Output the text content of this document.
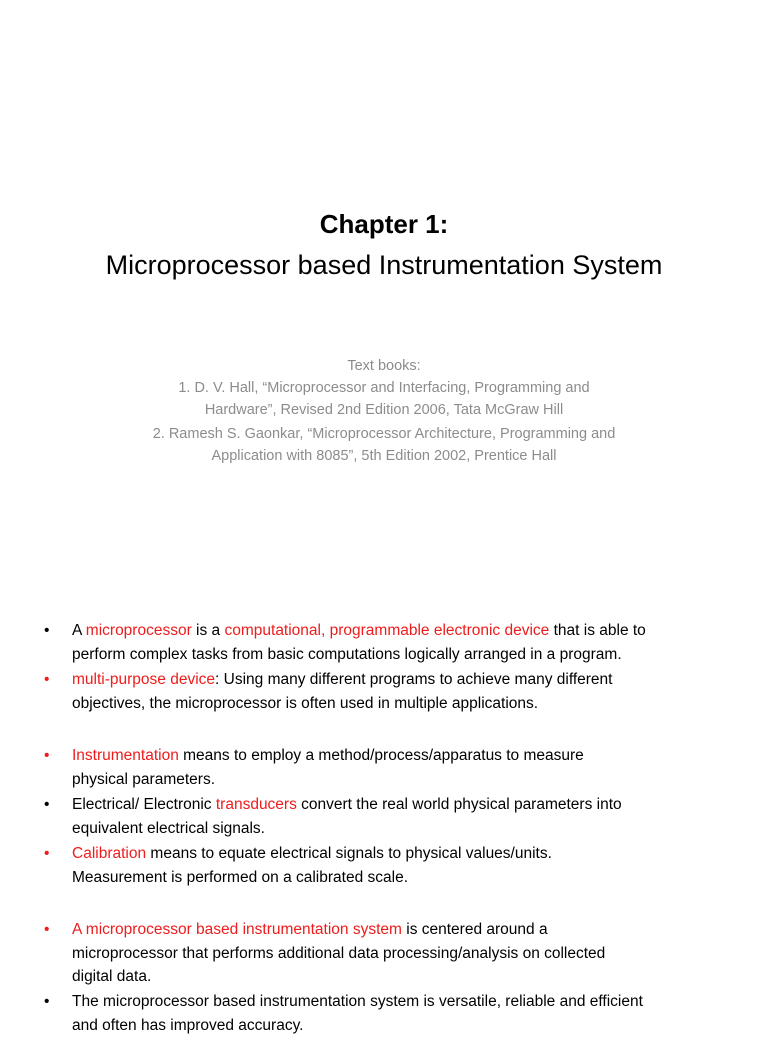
Chapter 1:
Microprocessor based Instrumentation System
Text books:
1. D. V. Hall, “Microprocessor and Interfacing, Programming and
Hardware”, Revised 2nd Edition 2006, Tata McGraw Hill
2. Ramesh S. Gaonkar, “Microprocessor Architecture, Programming and
Application with 8085”, 5th Edition 2002, Prentice Hall
•	A microprocessor is a computational, programmable electronic device that is able to
perform complex tasks from basic computations logically arranged in a program.
•	multi-purpose device: Using many different programs to achieve many different
objectives, the microprocessor is often used in multiple applications.
•	Instrumentation means to employ a method/process/apparatus to measure
physical parameters.
•	Electrical/ Electronic transducers convert the real world physical parameters into
equivalent electrical signals.
•	Calibration means to equate electrical signals to physical values/units.
Measurement is performed on a calibrated scale.
•	A microprocessor based instrumentation system is centered around a
microprocessor that performs additional data processing/analysis on collected
digital data.
•	The microprocessor based instrumentation system is versatile, reliable and efficient
and often has improved accuracy.
